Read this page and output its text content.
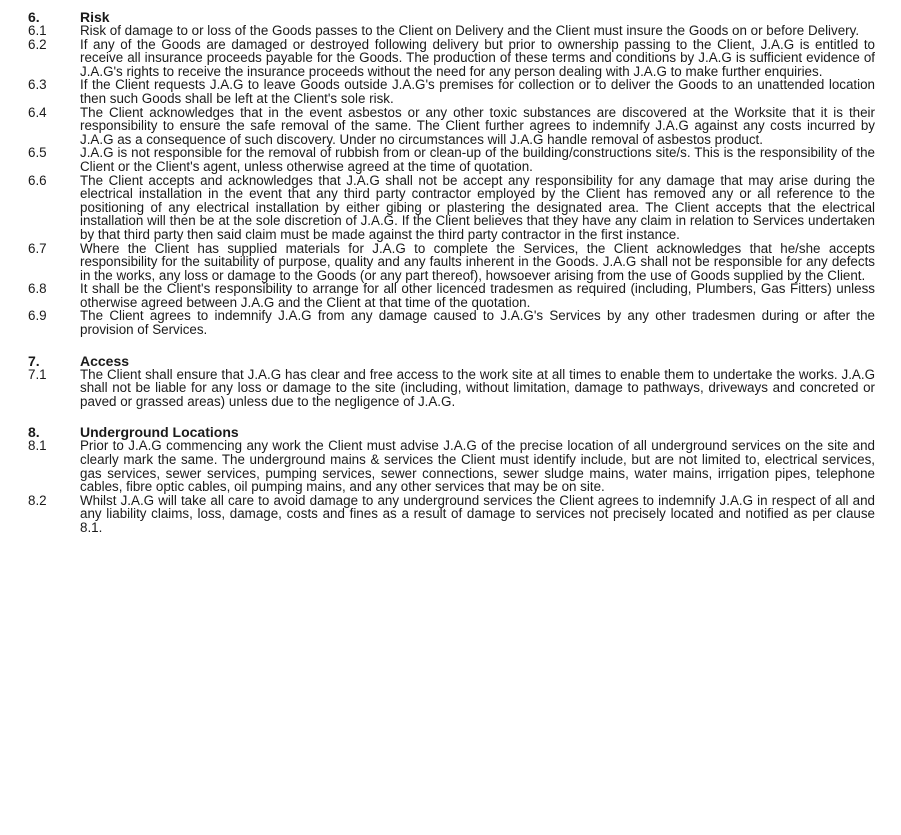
6.	Risk
6.1	Risk of damage to or loss of the Goods passes to the Client on Delivery and the Client must insure the Goods on or before Delivery.
6.2	If any of the Goods are damaged or destroyed following delivery but prior to ownership passing to the Client, J.A.G is entitled to receive all insurance proceeds payable for the Goods. The production of these terms and conditions by J.A.G is sufficient evidence of J.A.G's rights to receive the insurance proceeds without the need for any person dealing with J.A.G to make further enquiries.
6.3	If the Client requests J.A.G to leave Goods outside J.A.G's premises for collection or to deliver the Goods to an unattended location then such Goods shall be left at the Client's sole risk.
6.4	The Client acknowledges that in the event asbestos or any other toxic substances are discovered at the Worksite that it is their responsibility to ensure the safe removal of the same. The Client further agrees to indemnify J.A.G against any costs incurred by J.A.G as a consequence of such discovery. Under no circumstances will J.A.G handle removal of asbestos product.
6.5	J.A.G is not responsible for the removal of rubbish from or clean-up of the building/constructions site/s. This is the responsibility of the Client or the Client's agent, unless otherwise agreed at the time of quotation.
6.6	The Client accepts and acknowledges that J.A.G shall not be accept any responsibility for any damage that may arise during the electrical installation in the event that any third party contractor employed by the Client has removed any or all reference to the positioning of any electrical installation by either gibing or plastering the designated area. The Client accepts that the electrical installation will then be at the sole discretion of J.A.G. If the Client believes that they have any claim in relation to Services undertaken by that third party then said claim must be made against the third party contractor in the first instance.
6.7	Where the Client has supplied materials for J.A.G to complete the Services, the Client acknowledges that he/she accepts responsibility for the suitability of purpose, quality and any faults inherent in the Goods. J.A.G shall not be responsible for any defects in the works, any loss or damage to the Goods (or any part thereof), howsoever arising from the use of Goods supplied by the Client.
6.8	It shall be the Client's responsibility to arrange for all other licenced tradesmen as required (including, Plumbers, Gas Fitters) unless otherwise agreed between J.A.G and the Client at that time of the quotation.
6.9	The Client agrees to indemnify J.A.G from any damage caused to J.A.G's Services by any other tradesmen during or after the provision of Services.
7.	Access
7.1	The Client shall ensure that J.A.G has clear and free access to the work site at all times to enable them to undertake the works. J.A.G shall not be liable for any loss or damage to the site (including, without limitation, damage to pathways, driveways and concreted or paved or grassed areas) unless due to the negligence of J.A.G.
8.	Underground Locations
8.1	Prior to J.A.G commencing any work the Client must advise J.A.G of the precise location of all underground services on the site and clearly mark the same. The underground mains & services the Client must identify include, but are not limited to, electrical services, gas services, sewer services, pumping services, sewer connections, sewer sludge mains, water mains, irrigation pipes, telephone cables, fibre optic cables, oil pumping mains, and any other services that may be on site.
8.2	Whilst J.A.G will take all care to avoid damage to any underground services the Client agrees to indemnify J.A.G in respect of all and any liability claims, loss, damage, costs and fines as a result of damage to services not precisely located and notified as per clause 8.1.
